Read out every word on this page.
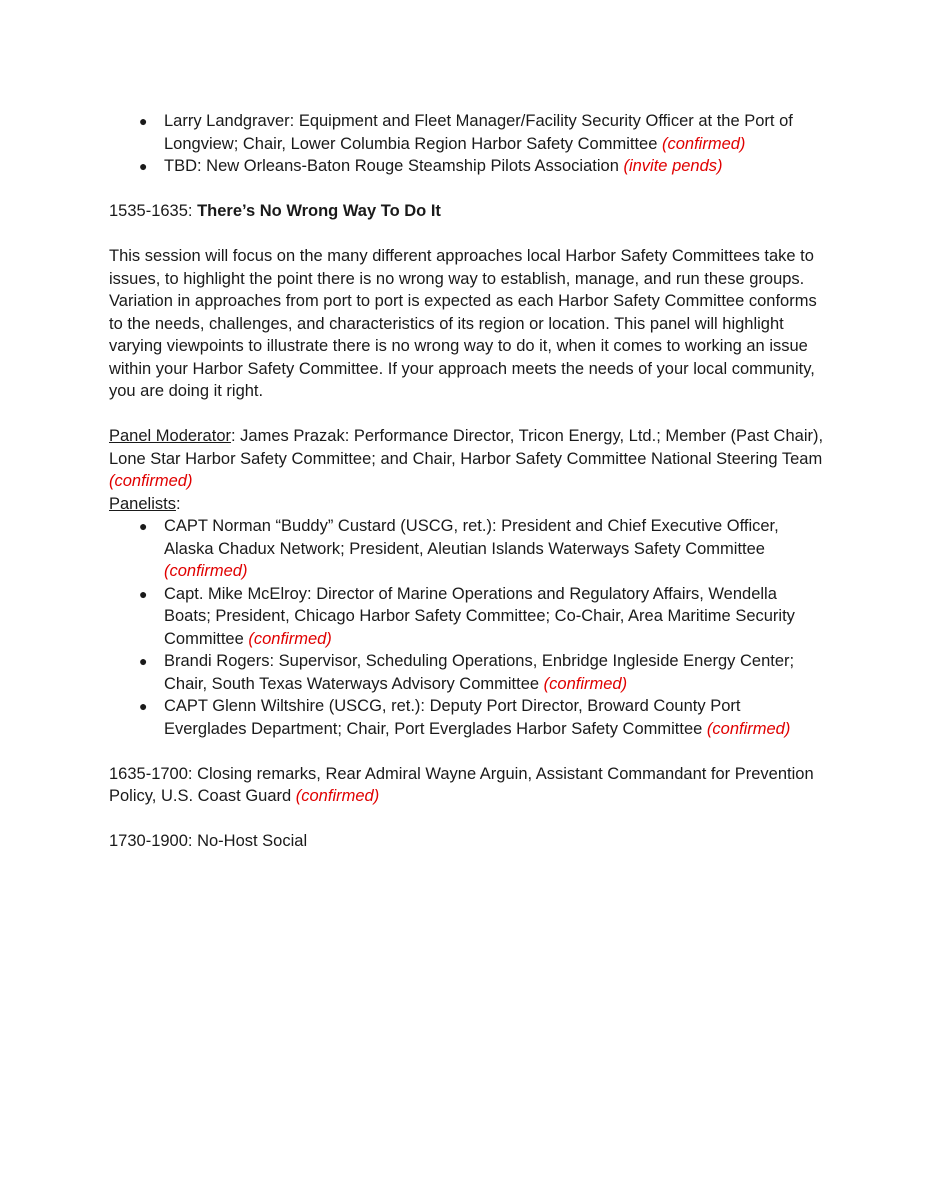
● Larry Landgraver: Equipment and Fleet Manager/Facility Security Officer at the Port of Longview; Chair, Lower Columbia Region Harbor Safety Committee (confirmed)
● TBD: New Orleans-Baton Rouge Steamship Pilots Association (invite pends)

1535-1635: There’s No Wrong Way To Do It

This session will focus on the many different approaches local Harbor Safety Committees take to issues, to highlight the point there is no wrong way to establish, manage, and run these groups. Variation in approaches from port to port is expected as each Harbor Safety Committee conforms to the needs, challenges, and characteristics of its region or location. This panel will highlight varying viewpoints to illustrate there is no wrong way to do it, when it comes to working an issue within your Harbor Safety Committee. If your approach meets the needs of your local community, you are doing it right.

Panel Moderator: James Prazak: Performance Director, Tricon Energy, Ltd.; Member (Past Chair), Lone Star Harbor Safety Committee; and Chair, Harbor Safety Committee National Steering Team (confirmed)

Panelists:

● CAPT Norman “Buddy” Custard (USCG, ret.): President and Chief Executive Officer, Alaska Chadux Network; President, Aleutian Islands Waterways Safety Committee (confirmed)
● Capt. Mike McElroy: Director of Marine Operations and Regulatory Affairs, Wendella Boats; President, Chicago Harbor Safety Committee; Co-Chair, Area Maritime Security Committee (confirmed)
● Brandi Rogers: Supervisor, Scheduling Operations, Enbridge Ingleside Energy Center; Chair, South Texas Waterways Advisory Committee (confirmed)
● CAPT Glenn Wiltshire (USCG, ret.): Deputy Port Director, Broward County Port Everglades Department; Chair, Port Everglades Harbor Safety Committee (confirmed)

1635-1700: Closing remarks, Rear Admiral Wayne Arguin, Assistant Commandant for Prevention Policy, U.S. Coast Guard (confirmed)

1730-1900: No-Host Social
